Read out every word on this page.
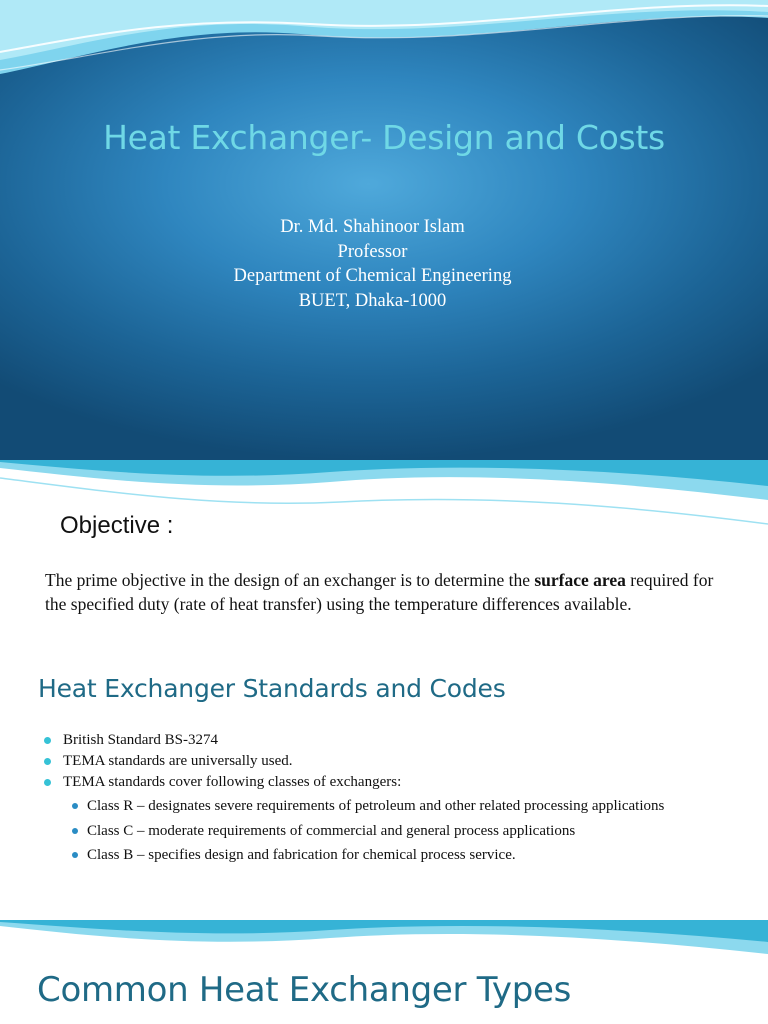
Heat Exchanger- Design and Costs
Dr. Md. Shahinoor Islam
Professor
Department of Chemical Engineering
BUET, Dhaka-1000
Objective :
The prime objective in the design of an exchanger is to determine the surface area required for the specified duty (rate of heat transfer) using the temperature differences available.
Heat Exchanger Standards and Codes
British Standard BS-3274
TEMA standards are universally used.
TEMA standards cover following classes of exchangers:
Class R – designates severe requirements of petroleum and other related processing applications
Class C – moderate requirements of commercial and general process applications
Class B – specifies design and fabrication for chemical process service.
Common Heat Exchanger Types
